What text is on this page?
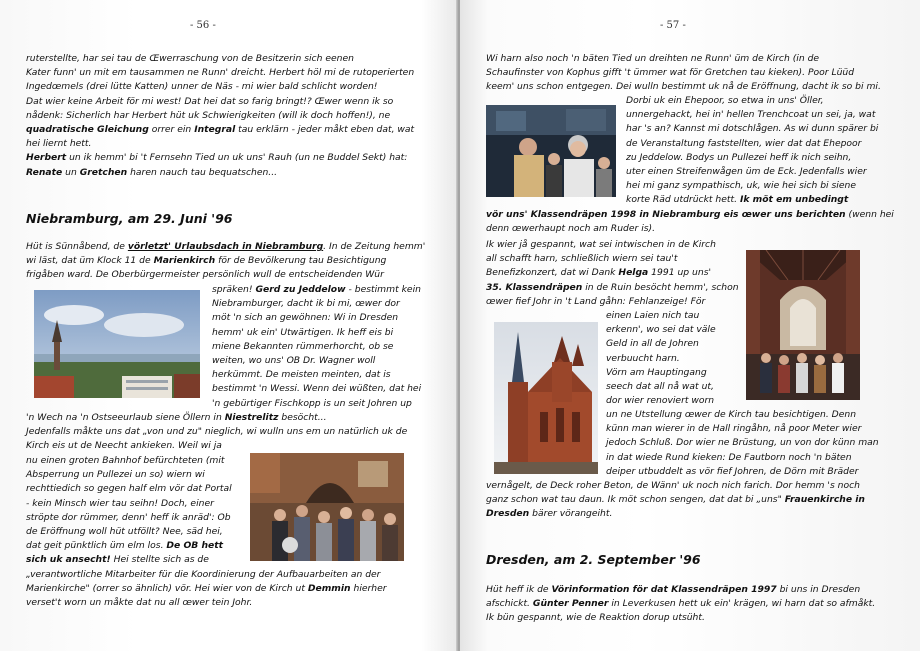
- 56 -
ruterstellte, har sei tau de Œwerraschung von de Besitzerin sich eenen
Kater funn' un mit em tausammen ne Runn' dreicht. Herbert höl mi de rutoperierten
Ingedœmels (drei lütte Katten) unner de Näs - mi wier bald schlicht worden!
Dat wier keine Arbeit för mi west! Dat hei dat so farig bringt!? Œwer wenn ik so
nådenk: Sicherlich har Herbert hüt uk Schwierigkeiten (will ik doch hoffen!), ne
quadratische Gleichung orrer ein Integral tau erklärn - jeder måkt eben dat, wat
hei liernt hett.
Herbert un ik hemm' bi 't Fernsehn Tied un uk uns' Rauh (un ne Buddel Sekt) hat:
Renate un Gretchen haren nauch tau bequatschen...
Niebramburg, am 29. Juni '96
Hüt is Sünnåbend, de vörletzt' Urlaubsdach in Niebramburg. In de Zeitung hemm'
wi läst, dat üm Klock 11 de Marienkirch för de Bevölkerung tau Besichtigung
frigåben ward. De Oberbürgermeister persönlich wull de entscheidenden Wür
spräken! Gerd zu Jeddelow - bestimmt kein
Niebramburger, dacht ik bi mi, œwer dor
möt 'n sich an gewöhnen: Wi in Dresden
hemm' uk ein' Utwärtigen. Ik heff eis bi
miene Bekannten rümmerhorcht, ob se
weiten, wo uns' OB Dr. Wagner woll
herkümmt. De meisten meinten, dat is
bestimmt 'n Wessi. Wenn dei wüßten, dat hei
'n gebürtiger Fischkopp is un seit Johren up
'n Wech na 'n Ostseeurlaub siene Öllern in Niestrelitz besöcht...
Jedenfalls måkte uns dat „von und zu" nieglich, wi wulln uns em un natürlich uk de
Kirch eis ut de Neecht ankieken. Weil wi ja
nu einen groten Bahnhof befürchteten (mit
Absperrung un Pullezei un so) wiern wi
rechttiedich so gegen half elm vör dat Portal
- kein Minsch wier tau seihn! Doch, einer
ströpte dor rümmer, denn' heff ik anräd': Ob
de Eröffnung woll hüt utföllt? Nee, säd hei,
dat geit pünktlich üm elm los. De OB hett
sich uk ansecht! Hei stellte sich as de
„verantwortliche Mitarbeiter für die Koordinierung der Aufbauarbeiten an der
Marienkirche" (orrer so ähnlich) vör. Hei wier von de Kirch ut Demmin hierher
verset't worn un måkte dat nu all œwer tein Johr.
- 57 -
Wi harn also noch 'n bäten Tied un dreihten ne Runn' üm de Kirch (in de
Schaufinster von Kophus gifft 't ümmer wat för Gretchen tau kieken). Poor Lüüd
keem' uns schon entgegen. Dei wulln bestimmt uk nå de Eröffnung, dacht ik so bi mi.
Dorbi uk ein Ehepoor, so etwa in uns' Öller,
unnergehackt, hei in' hellen Trenchcoat un sei, ja, wat
har 's an? Kannst mi dotschlågen. As wi dunn spärer bi
de Veranstaltung faststellten, wier dat dat Ehepoor
zu Jeddelow. Bodys un Pullezei heff ik nich seihn,
uter einen Streifenwågen üm de Eck. Jedenfalls wier
hei mi ganz sympathisch, uk, wie hei sich bi siene
korte Räd utdrückt hett. Ik möt em unbedingt
vör uns' Klassendräpen 1998 in Niebramburg eis œwer uns berichten (wenn hei
denn œwerhaupt noch am Ruder is).
Ik wier jå gespannt, wat sei intwischen in de Kirch
all schafft harn, schließlich wiern sei tau't
Benefizkonzert, dat wi Dank Helga 1991 up uns'
35. Klassendräpen in de Ruin besöcht hemm', schon
œwer fief Johr in 't Land gåhn: Fehlanzeige! För
einen Laien nich tau
erkenn', wo sei dat väle
Geld in all de Johren
verbuucht harn.
Vörn am Hauptingang
seech dat all nå wat ut,
dor wier renoviert worn
un ne Utstellung œwer de Kirch tau besichtigen. Denn
künn man wierer in de Hall ringåhn, nå poor Meter wier
jedoch Schluß. Dor wier ne Brüstung, un von dor künn man
in dat wiede Rund kieken: De Fautborn noch 'n bäten
deiper utbuddelt as vör fief Johren, de Dörn mit Bräder
vernågelt, de Deck roher Beton, de Wänn' uk noch nich farich. Dor hemm 's noch
ganz schon wat tau daun. Ik möt schon sengen, dat dat bi „uns" Frauenkirche in
Dresden bärer vörangeiht.
Dresden, am 2. September '96
Hüt heff ik de Vörinformation för dat Klassendräpen 1997 bi uns in Dresden
afschickt. Günter Penner in Leverkusen hett uk ein' krägen, wi harn dat so afmåkt.
Ik bün gespannt, wie de Reaktion dorup utsüht.
